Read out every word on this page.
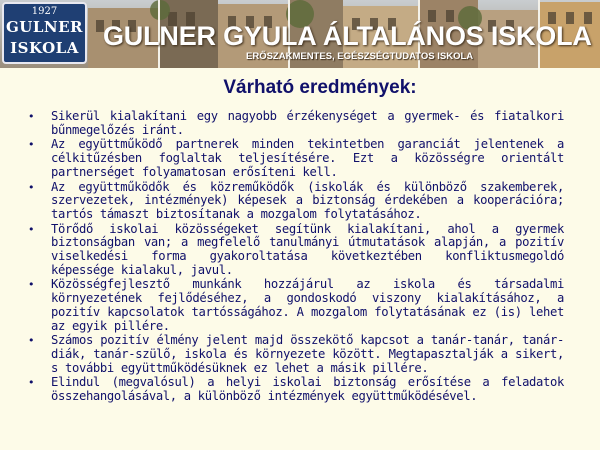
1927
GULNER
ISKOLA GULNER GYULA ÁLTALÁNOS ISKOLA
ERŐSZAKMENTES, EGÉSZSÉGTUDATOS ISKOLA
Várható eredmények:
•	Sikerül kialakítani egy nagyobb érzékenységet a gyermek- és fiatalkori bűnmegelőzés iránt.
•	Az együttműködő partnerek minden tekintetben garanciát jelentenek a célkitűzésben foglaltak teljesítésére. Ezt a közösségre orientált partnerséget folyamatosan erősíteni kell.
•	Az együttműködők és közreműködők (iskolák és különböző szakemberek, szervezetek, intézmények) képesek a biztonság érdekében a kooperációra; tartós támaszt biztosítanak a mozgalom folytatásához.
•	Törődő iskolai közösségeket segítünk kialakítani, ahol a gyermek biztonságban van; a megfelelő tanulmányi útmutatások alapján, a pozitív viselkedési forma gyakoroltatása következtében konfliktusmegoldó képessége kialakul, javul.
•	Közösségfejlesztő munkánk hozzájárul az iskola és társadalmi környezetének fejlődéséhez, a gondoskodó viszony kialakításához, a pozitív kapcsolatok tartósságához. A mozgalom folytatásának ez (is) lehet az egyik pillére.
•	Számos pozitív élmény jelent majd összekötő kapcsot a tanár-tanár, tanár-diák, tanár-szülő, iskola és környezete között. Megtapasztalják a sikert, s további együttműködésüknek ez lehet a másik pillére.
•	Elindul (megvalósul) a helyi iskolai biztonság erősítése a feladatok összehangolásával, a különböző intézmények együttműködésével.
